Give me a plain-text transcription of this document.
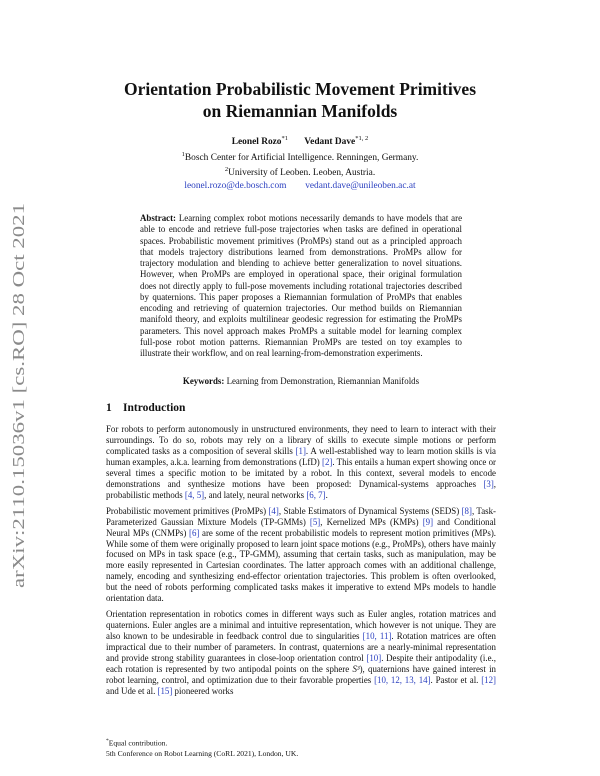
arXiv:2110.15036v1 [cs.RO] 28 Oct 2021
Orientation Probabilistic Movement Primitives
on Riemannian Manifolds
Leonel Rozo$^{*1}$ Vedant Dave$^{*1, 2}$
$^1$Bosch Center for Artificial Intelligence. Renningen, Germany.
$^2$University of Leoben. Leoben, Austria.
leonel.rozo@de.bosch.com vedant.dave@unileoben.ac.at
Abstract: Learning complex robot motions necessarily demands to have models that are able to encode and retrieve full-pose trajectories when tasks are defined in operational spaces. Probabilistic movement primitives (ProMPs) stand out as a principled approach that models trajectory distributions learned from demonstrations. ProMPs allow for trajectory modulation and blending to achieve better generalization to novel situations. However, when ProMPs are employed in operational space, their original formulation does not directly apply to full-pose movements including rotational trajectories described by quaternions. This paper proposes a Riemannian formulation of ProMPs that enables encoding and retrieving of quaternion trajectories. Our method builds on Riemannian manifold theory, and exploits multilinear geodesic regression for estimating the ProMPs parameters. This novel approach makes ProMPs a suitable model for learning complex full-pose robot motion patterns. Riemannian ProMPs are tested on toy examples to illustrate their workflow, and on real learning-from-demonstration experiments.
Keywords: Learning from Demonstration, Riemannian Manifolds
1 Introduction

For robots to perform autonomously in unstructured environments, they need to learn to interact with their surroundings. To do so, robots may rely on a library of skills to execute simple motions or perform complicated tasks as a composition of several skills [1]. A well-established way to learn motion skills is via human examples, a.k.a. learning from demonstrations (LfD) [2]. This entails a human expert showing once or several times a specific motion to be imitated by a robot. In this context, several models to encode demonstrations and synthesize motions have been proposed: Dynamical-systems approaches [3], probabilistic methods [4, 5], and lately, neural networks [6, 7].

Probabilistic movement primitives (ProMPs) [4], Stable Estimators of Dynamical Systems (SEDS) [8], Task-Parameterized Gaussian Mixture Models (TP-GMMs) [5], Kernelized MPs (KMPs) [9] and Conditional Neural MPs (CNMPs) [6] are some of the recent probabilistic models to represent motion primitives (MPs). While some of them were originally proposed to learn joint space motions (e.g., ProMPs), others have mainly focused on MPs in task space (e.g., TP-GMM), assuming that certain tasks, such as manipulation, may be more easily represented in Cartesian coordinates. The latter approach comes with an additional challenge, namely, encoding and synthesizing end-effector orientation trajectories. This problem is often overlooked, but the need of robots performing complicated tasks makes it imperative to extend MPs models to handle orientation data.

Orientation representation in robotics comes in different ways such as Euler angles, rotation matrices and quaternions. Euler angles are a minimal and intuitive representation, which however is not unique. They are also known to be undesirable in feedback control due to singularities [10, 11]. Rotation matrices are often impractical due to their number of parameters. In contrast, quaternions are a nearly-minimal representation and provide strong stability guarantees in close-loop orientation control [10]. Despite their antipodality (i.e., each rotation is represented by two antipodal points on the sphere S³), quaternions have gained interest in robot learning, control, and optimization due to their favorable properties [10, 12, 13, 14]. Pastor et al. [12] and Ude et al. [15] pioneered works

*Equal contribution.
5th Conference on Robot Learning (CoRL 2021), London, UK.
